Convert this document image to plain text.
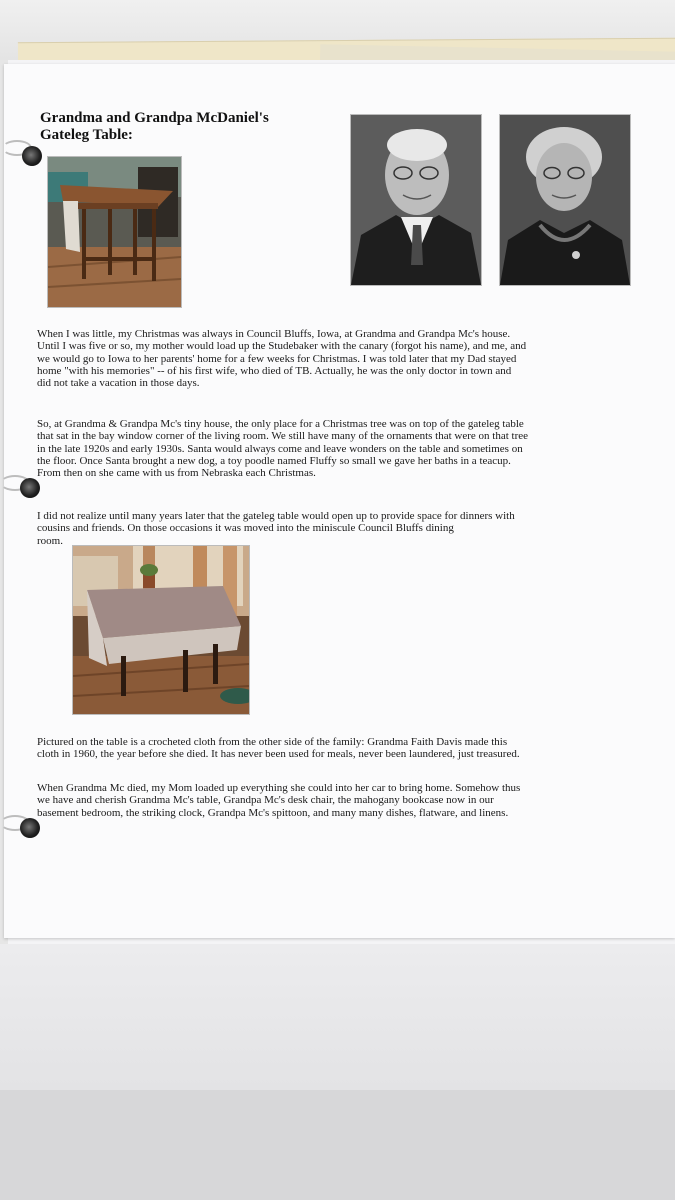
Grandma and Grandpa McDaniel's
Gateleg Table:
When I was little, my Christmas was always in Council Bluffs, Iowa, at Grandma and Grandpa Mc's house.
Until I was five or so, my mother would load up the Studebaker with the canary (forgot his name), and me, and
we would go to Iowa to her parents' home for a few weeks for Christmas. I was told later that my Dad stayed
home "with his memories" -- of his first wife, who died of TB. Actually, he was the only doctor in town and
did not take a vacation in those days.
So, at Grandma & Grandpa Mc's tiny house, the only place for a Christmas tree was on top of the gateleg table
that sat in the bay window corner of the living room. We still have many of the ornaments that were on that tree
in the late 1920s and early 1930s. Santa would always come and leave wonders on the table and sometimes on
the floor. Once Santa brought a new dog, a toy poodle named Fluffy so small we gave her baths in a teacup.
From then on she came with us from Nebraska each Christmas.
I did not realize until many years later that the gateleg table would open up to provide space for dinners with
cousins and friends. On those occasions it was moved into the miniscule Council Bluffs dining
room.
Pictured on the table is a crocheted cloth from the other side of the family: Grandma Faith Davis made this
cloth in 1960, the year before she died. It has never been used for meals, never been laundered, just treasured.
When Grandma Mc died, my Mom loaded up everything she could into her car to bring home. Somehow thus
we have and cherish Grandma Mc's table, Grandpa Mc's desk chair, the mahogany bookcase now in our
basement bedroom, the striking clock, Grandpa Mc's spittoon, and many many dishes, flatware, and linens.
